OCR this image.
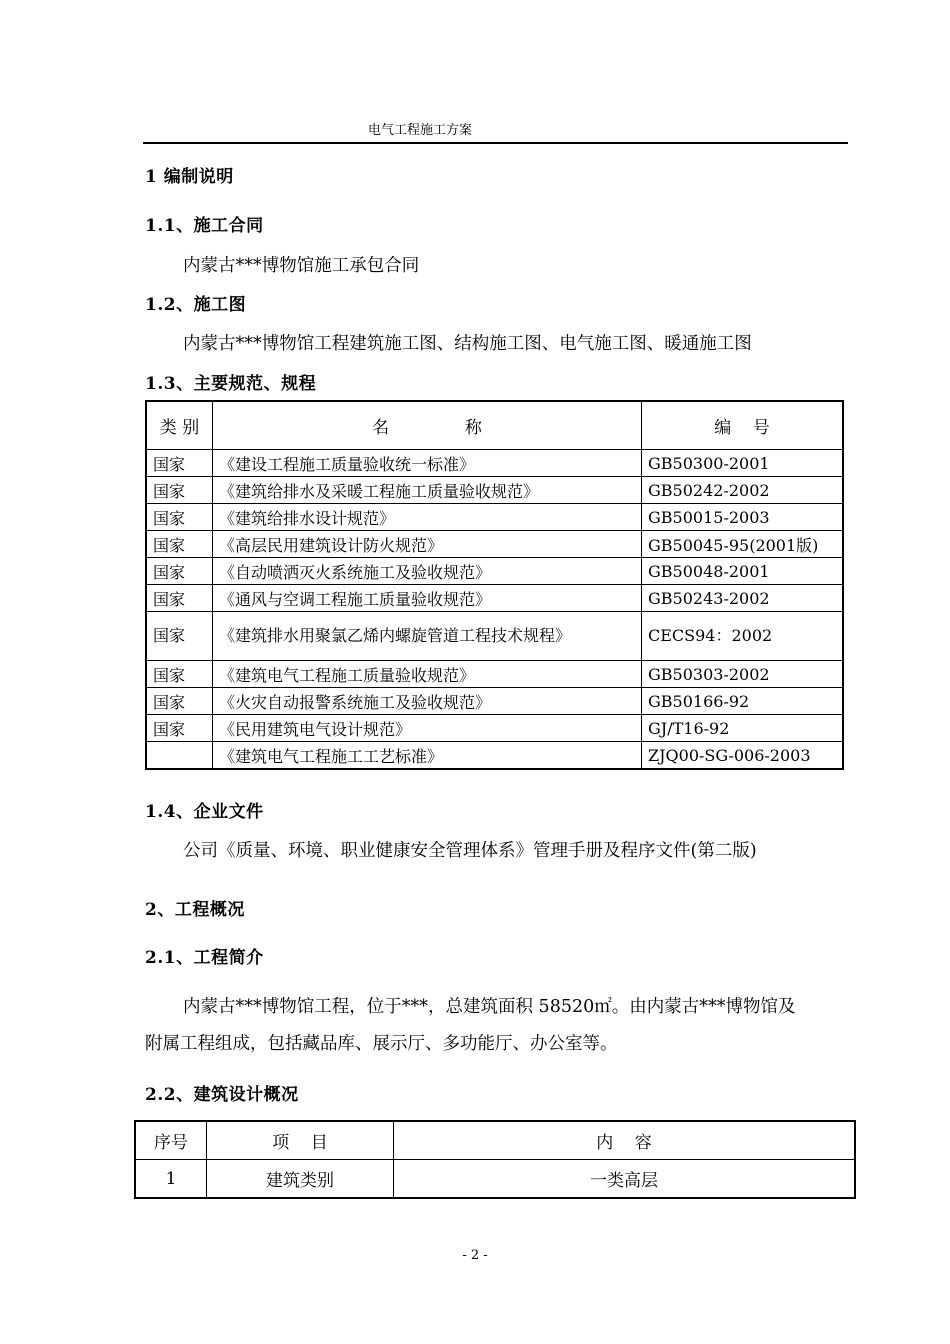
电气工程施工方案
1 编制说明
1.1、施工合同
内蒙古***博物馆施工承包合同
1.2、施工图
内蒙古***博物馆工程建筑施工图、结构施工图、电气施工图、暖通施工图
1.3、主要规范、规程
类 别	名              称	编    号
国家	《建设工程施工质量验收统一标准》	GB50300-2001
国家	《建筑给排水及采暖工程施工质量验收规范》	GB50242-2002
国家	《建筑给排水设计规范》	GB50015-2003
国家	《高层民用建筑设计防火规范》	GB50045-95(2001版)
国家	《自动喷洒灭火系统施工及验收规范》	GB50048-2001
国家	《通风与空调工程施工质量验收规范》	GB50243-2002
国家	《建筑排水用聚氯乙烯内螺旋管道工程技术规程》	CECS94：2002
国家	《建筑电气工程施工质量验收规范》	GB50303-2002
国家	《火灾自动报警系统施工及验收规范》	GB50166-92
国家	《民用建筑电气设计规范》	GJ/T16-92
	《建筑电气工程施工工艺标准》	ZJQ00-SG-006-2003
1.4、企业文件
公司《质量、环境、职业健康安全管理体系》管理手册及程序文件(第二版)
2、工程概况
2.1、工程简介
内蒙古***博物馆工程，位于***，总建筑面积 58520㎡。由内蒙古***博物馆及
附属工程组成，包括藏品库、展示厅、多功能厅、办公室等。
2.2、建筑设计概况
序号	项    目	内    容
1	建筑类别	一类高层
- 2 -
